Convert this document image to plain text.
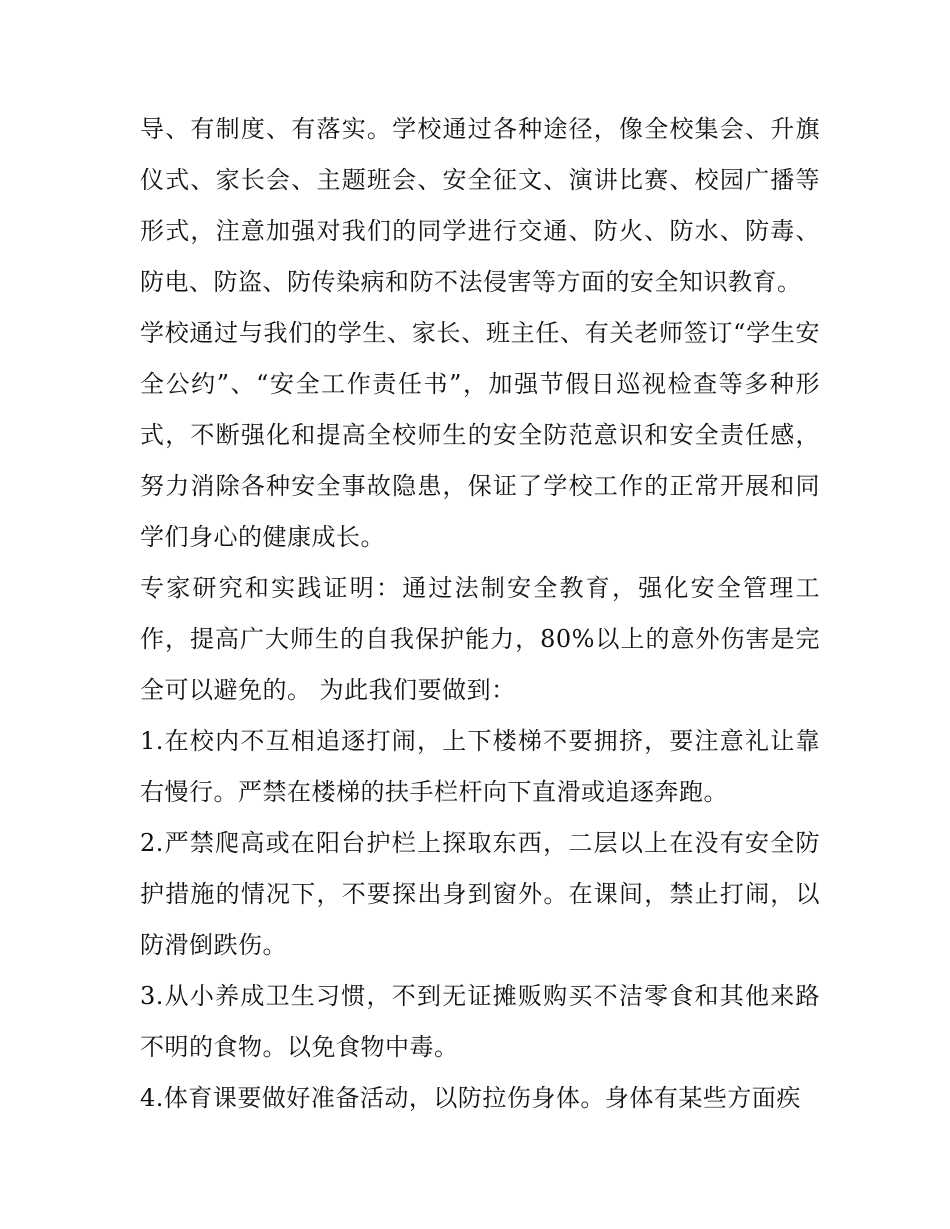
导、有制度、有落实。学校通过各种途径，像全校集会、升旗仪式、家长会、主题班会、安全征文、演讲比赛、校园广播等形式，注意加强对我们的同学进行交通、防火、防水、防毒、防电、防盗、防传染病和防不法侵害等方面的安全知识教育。

学校通过与我们的学生、家长、班主任、有关老师签订“学生安全公约”、“安全工作责任书”，加强节假日巡视检查等多种形式，不断强化和提高全校师生的安全防范意识和安全责任感，努力消除各种安全事故隐患，保证了学校工作的正常开展和同学们身心的健康成长。

专家研究和实践证明：通过法制安全教育，强化安全管理工作，提高广大师生的自我保护能力，80%以上的意外伤害是完全可以避免的。 为此我们要做到：

1.在校内不互相追逐打闹，上下楼梯不要拥挤，要注意礼让靠右慢行。严禁在楼梯的扶手栏杆向下直滑或追逐奔跑。

2.严禁爬高或在阳台护栏上探取东西，二层以上在没有安全防护措施的情况下，不要探出身到窗外。在课间，禁止打闹，以防滑倒跌伤。

3.从小养成卫生习惯，不到无证摊贩购买不洁零食和其他来路不明的食物。以免食物中毒。

4.体育课要做好准备活动，以防拉伤身体。身体有某些方面疾
